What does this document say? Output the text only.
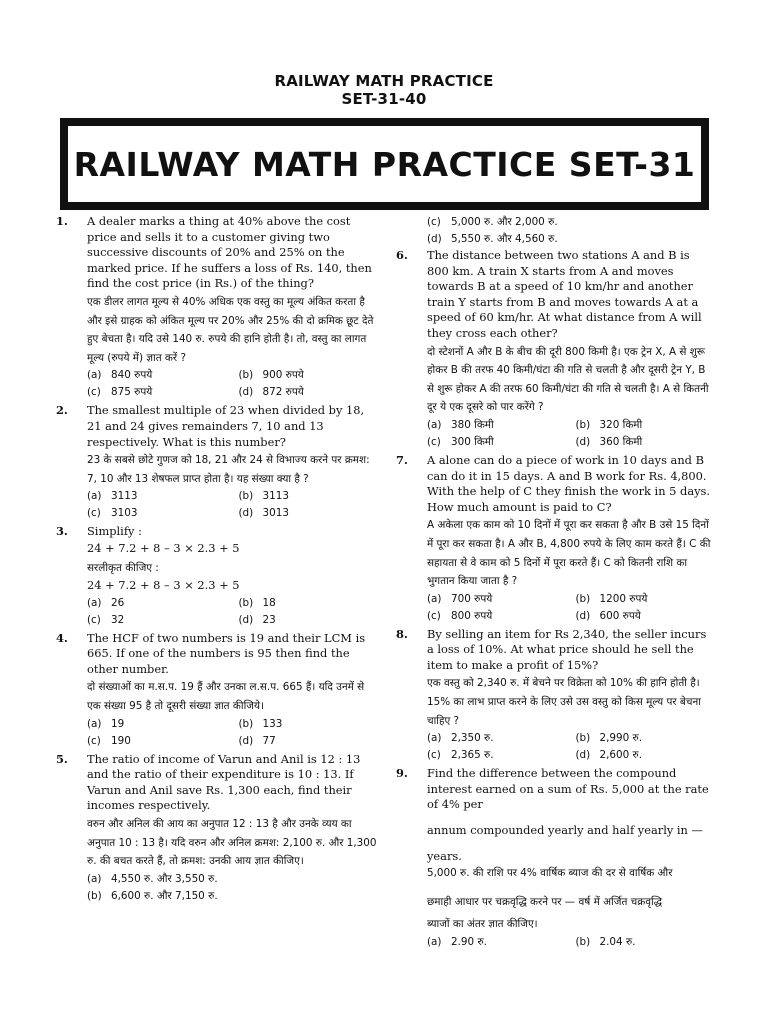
RAILWAY MATH PRACTICE
SET-31-40
RAILWAY MATH PRACTICE SET-31
1. A dealer marks a thing at 40% above the cost price and sells it to a customer giving two successive discounts of 20% and 25% on the marked price. If he suffers a loss of Rs. 140, then find the cost price (in Rs.) of the thing?

एक डीलर लागत मूल्य से 40% अधिक एक वस्तु का मूल्य अंकित करता है और इसे ग्राहक को अंकित मूल्य पर 20% और 25% की दो क्रमिक छूट देते हुए बेचता है। यदि उसे 140 रु. रुपये की हानि होती है। तो, वस्तु का लागत मूल्य (रुपये में) ज्ञात करें ?

(a) 840 रुपये	(b) 900 रुपये
(c) 875 रुपये	(d) 872 रुपये
2. The smallest multiple of 23 when divided by 18, 21 and 24 gives remainders 7, 10 and 13 respectively. What is this number?

23 के सबसे छोटे गुणज को 18, 21 और 24 से विभाज्य करने पर क्रमश: 7, 10 और 13 शेषफल प्राप्त होता है। यह संख्या क्या है ?

(a) 3113	(b) 3113
(c) 3103	(d) 3013
3. Simplify :

24 + 7.2 + 8 – 3 × 2.3 + 5

सरलीकृत कीजिए :

24 + 7.2 + 8 – 3 × 2.3 + 5
(a) 26	(b) 18
(c) 32	(d) 23
4. The HCF of two numbers is 19 and their LCM is 665. If one of the numbers is 95 then find the other number.

दो संख्याओं का म.स.प. 19 हैं और उनका ल.स.प. 665 हैं। यदि उनमें से एक संख्या 95 है तो दूसरी संख्या ज्ञात कीजिये।

(a) 19	(b) 133
(c) 190	(d) 77
5. The ratio of income of Varun and Anil is 12 : 13 and the ratio of their expenditure is 10 : 13. If Varun and Anil save Rs. 1,300 each, find their incomes respectively.

वरुन और अनिल की आय का अनुपात 12 : 13 है और उनके व्यय का अनुपात 10 : 13 है। यदि वरुन और अनिल क्रमश: 2,100 रु. और 1,300 रु. की बचत करते हैं, तो क्रमश: उनकी आय ज्ञात कीजिए।

(a) 4,550 रु. और 3,550 रु.
(b) 6,600 रु. और 7,150 रु.
(c) 5,000 रु. और 2,000 रु.
(d) 5,550 रु. और 4,560 रु.
6. The distance between two stations A and B is 800 km. A train X starts from A and moves towards B at a speed of 10 km/hr and another train Y starts from B and moves towards A at a speed of 60 km/hr. At what distance from A will they cross each other?

दो स्टेशनों A और B के बीच की दूरी 800 किमी है। एक ट्रेन X, A से शुरू होकर B की तरफ 40 किमी/घंटा की गति से चलती है और दूसरी ट्रेन Y, B से शुरू होकर A की तरफ 60 किमी/घंटा की गति से चलती है। A से कितनी दूर ये एक दूसरे को पार करेंगे ?

(a) 380 किमी	(b) 320 किमी
(c) 300 किमी	(d) 360 किमी
7. A alone can do a piece of work in 10 days and B can do it in 15 days. A and B work for Rs. 4,800. With the help of C they finish the work in 5 days. How much amount is paid to C?

A अकेला एक काम को 10 दिनों में पूरा कर सकता है और B उसे 15 दिनों में पूरा कर सकता है। A और B, 4,800 रुपये के लिए काम करते हैं। C की सहायता से वे काम को 5 दिनों में पूरा करते हैं। C को कितनी राशि का भुगतान किया जाता है ?

(a) 700 रुपये	(b) 1200 रुपये
(c) 800 रुपये	(d) 600 रुपये
8. By selling an item for Rs 2,340, the seller incurs a loss of 10%. At what price should he sell the item to make a profit of 15%?

एक वस्तु को 2,340 रु. में बेचने पर विक्रेता को 10% की हानि होती है। 15% का लाभ प्राप्त करने के लिए उसे उस वस्तु को किस मूल्य पर बेचना चाहिए ?

(a) 2,350 रु.	(b) 2,990 रु.
(c) 2,365 रु.	(d) 2,600 रु.
9. Find the difference between the compound interest earned on a sum of Rs. 5,000 at the rate of 4% per

annum compounded yearly and half yearly in —

years.

5,000 रु. की राशि पर 4% वार्षिक ब्याज की दर से वार्षिक और

छमाही आधार पर चक्रवृद्धि करने पर — वर्ष में अर्जित चक्रवृद्धि

ब्याजों का अंतर ज्ञात कीजिए।

(a) 2.90 रु.	(b) 2.04 रु.
